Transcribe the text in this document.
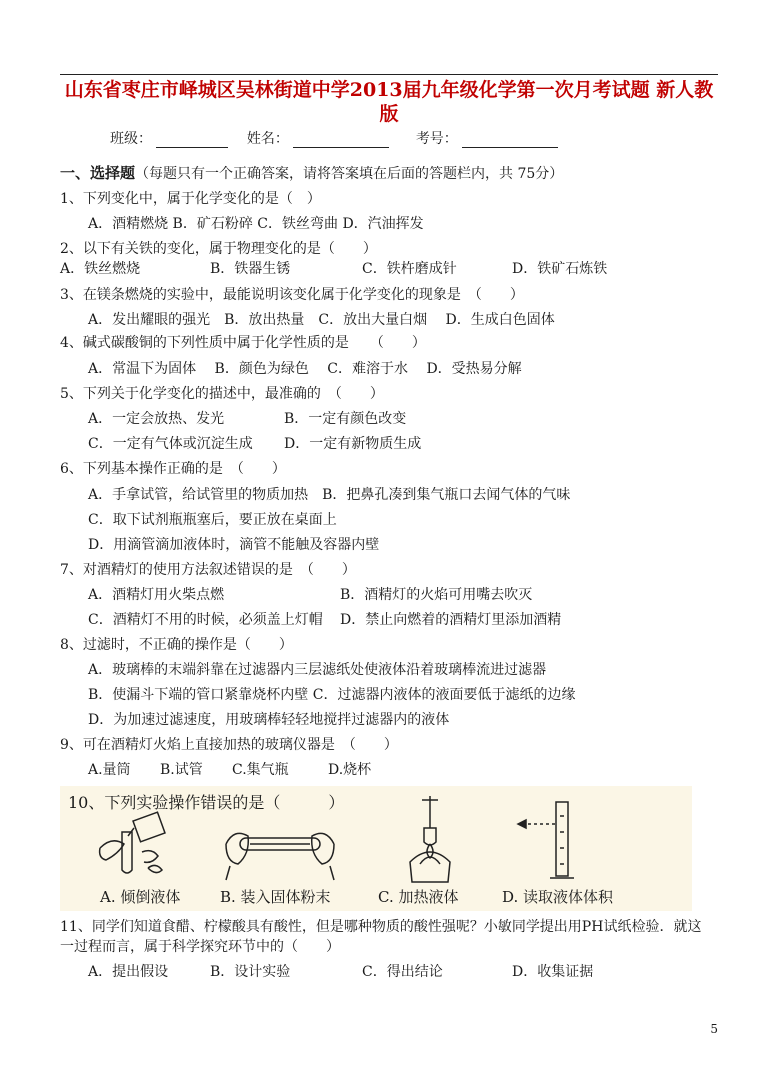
山东省枣庄市峄城区吴林街道中学2013届九年级化学第一次月考试题 新人教版
班级：	姓名：	考号：
一、选择题（每题只有一个正确答案，请将答案填在后面的答题栏内，共 75分）
1、下列变化中，属于化学变化的是（　）
A．酒精燃烧 B．矿石粉碎 C．铁丝弯曲 D．汽油挥发
2、以下有关铁的变化，属于物理变化的是（　　）
A．铁丝燃烧	B．铁器生锈	C．铁杵磨成针	D．铁矿石炼铁
3、在镁条燃烧的实验中，最能说明该变化属于化学变化的现象是　（　　）
A．发出耀眼的强光　B．放出热量　C．放出大量白烟　 D．生成白色固体
4、碱式碳酸铜的下列性质中属于化学性质的是　　（　　）
A．常温下为固体　 B．颜色为绿色　 C．难溶于水　 D．受热易分解
5、下列关于化学变化的描述中，最准确的　（　　）
A．一定会放热、发光	B．一定有颜色改变
C．一定有气体或沉淀生成 D．一定有新物质生成
6、下列基本操作正确的是　（　　）
A．手拿试管，给试管里的物质加热　B．把鼻孔凑到集气瓶口去闻气体的气味
C．取下试剂瓶瓶塞后，要正放在桌面上
D．用滴管滴加液体时，滴管不能触及容器内壁
7、对酒精灯的使用方法叙述错误的是　（　　）
A．酒精灯用火柴点燃	B．酒精灯的火焰可用嘴去吹灭
C．酒精灯不用的时候，必须盖上灯帽 D．禁止向燃着的酒精灯里添加酒精
8、过滤时，不正确的操作是（　　）
A．玻璃棒的末端斜靠在过滤器内三层滤纸处使液体沿着玻璃棒流进过滤器
B．使漏斗下端的管口紧靠烧杯内壁 C．过滤器内液体的液面要低于滤纸的边缘
D．为加速过滤速度，用玻璃棒轻轻地搅拌过滤器内的液体
9、可在酒精灯火焰上直接加热的玻璃仪器是　（　　）
A.量筒 B.试管 C.集气瓶	D.烧杯
10、下列实验操作错误的是（　　　）
A. 倾倒液体	B. 装入固体粉末	C. 加热液体	D. 读取液体体积
11、同学们知道食醋、柠檬酸具有酸性，但是哪种物质的酸性强呢？小敏同学提出用PH试纸检验．就这
一过程而言，属于科学探究环节中的（　　）
A．提出假设	B．设计实验	C．得出结论	D．收集证据
5
